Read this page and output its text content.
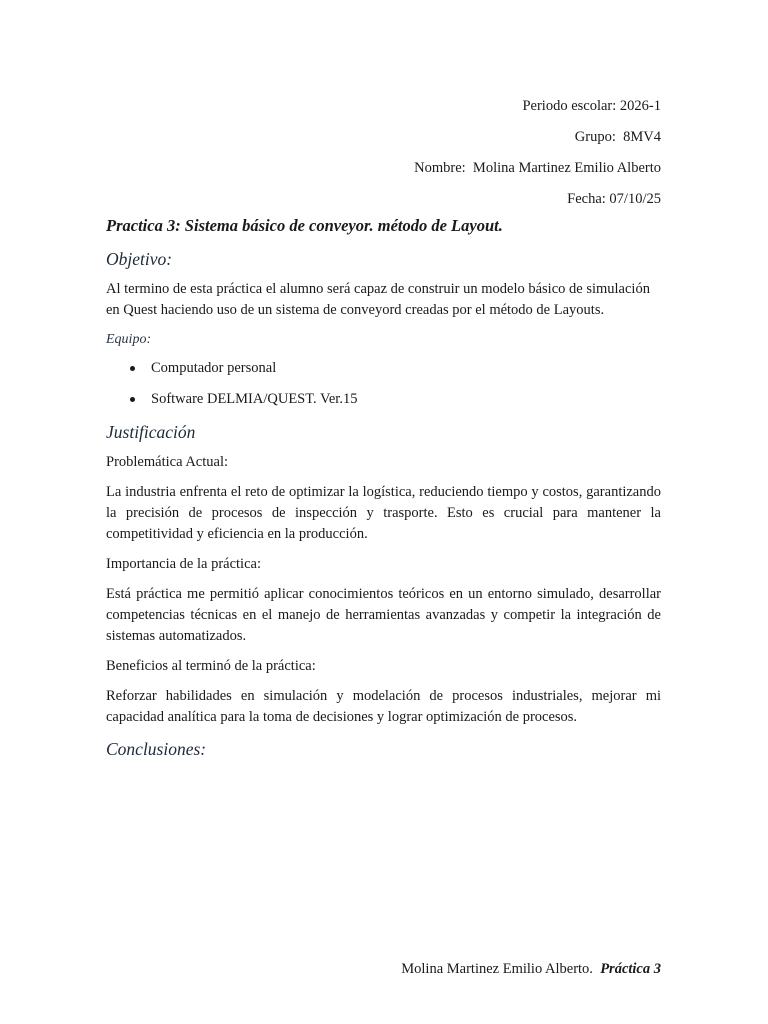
Periodo escolar: 2026-1
Grupo:  8MV4
Nombre:  Molina Martinez Emilio Alberto
Fecha: 07/10/25
Practica 3: Sistema básico de conveyor. método de Layout.
Objetivo:

Al termino de esta práctica el alumno será capaz de construir un modelo básico de simulación en Quest haciendo uso de un sistema de conveyord creadas por el método de Layouts.

Equipo:
Computador personal
Software DELMIA/QUEST. Ver.15
Justificación

Problemática Actual:

La industria enfrenta el reto de optimizar la logística, reduciendo tiempo y costos, garantizando la precisión de procesos de inspección y trasporte. Esto es crucial para mantener la competitividad y eficiencia en la producción.

Importancia de la práctica:

Está práctica me permitió aplicar conocimientos teóricos en un entorno simulado, desarrollar competencias técnicas en el manejo de herramientas avanzadas y competir la integración de sistemas automatizados.

Beneficios al terminó de la práctica:

Reforzar habilidades en simulación y modelación de procesos industriales, mejorar mi capacidad analítica para la toma de decisiones y lograr optimización de procesos.

Conclusiones:
Molina Martinez Emilio Alberto. Práctica 3
